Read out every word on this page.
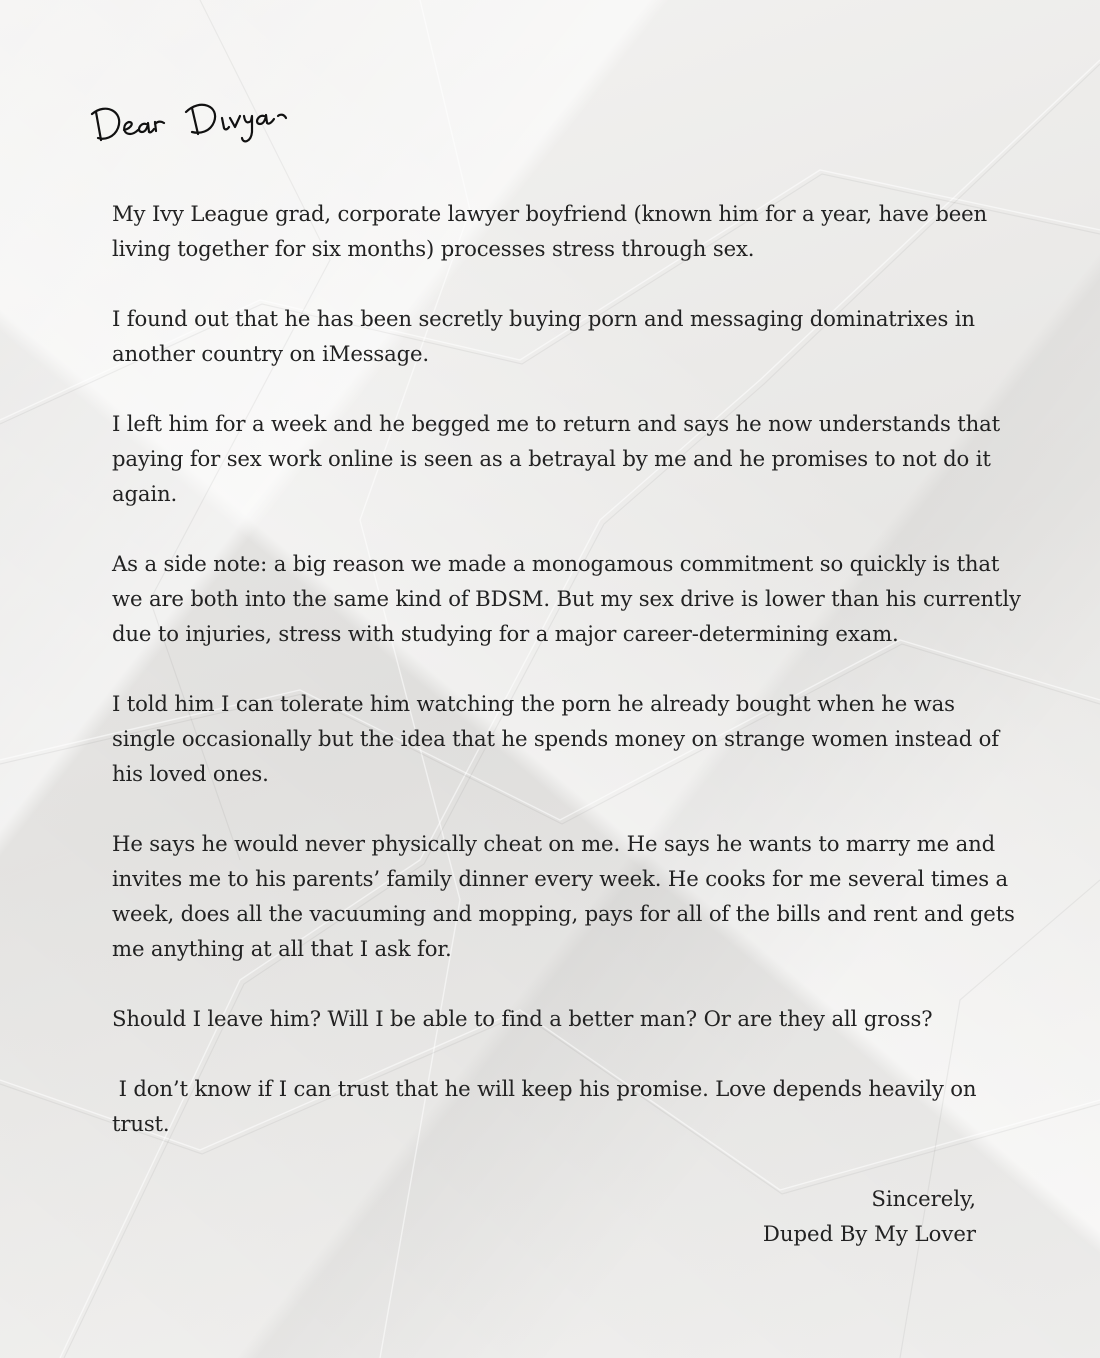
My Ivy League grad, corporate lawyer boyfriend (known him for a year, have been living together for six months) processes stress through sex.

I found out that he has been secretly buying porn and messaging dominatrixes in another country on iMessage.

I left him for a week and he begged me to return and says he now understands that paying for sex work online is seen as a betrayal by me and he promises to not do it again.

As a side note: a big reason we made a monogamous commitment so quickly is that we are both into the same kind of BDSM. But my sex drive is lower than his currently due to injuries, stress with studying for a major career-determining exam.

I told him I can tolerate him watching the porn he already bought when he was single occasionally but the idea that he spends money on strange women instead of his loved ones.

He says he would never physically cheat on me. He says he wants to marry me and invites me to his parents’ family dinner every week. He cooks for me several times a week, does all the vacuuming and mopping, pays for all of the bills and rent and gets me anything at all that I ask for.

Should I leave him? Will I be able to find a better man? Or are they all gross?

I don’t know if I can trust that he will keep his promise. Love depends heavily on trust.

Sincerely,
Duped By My Lover
